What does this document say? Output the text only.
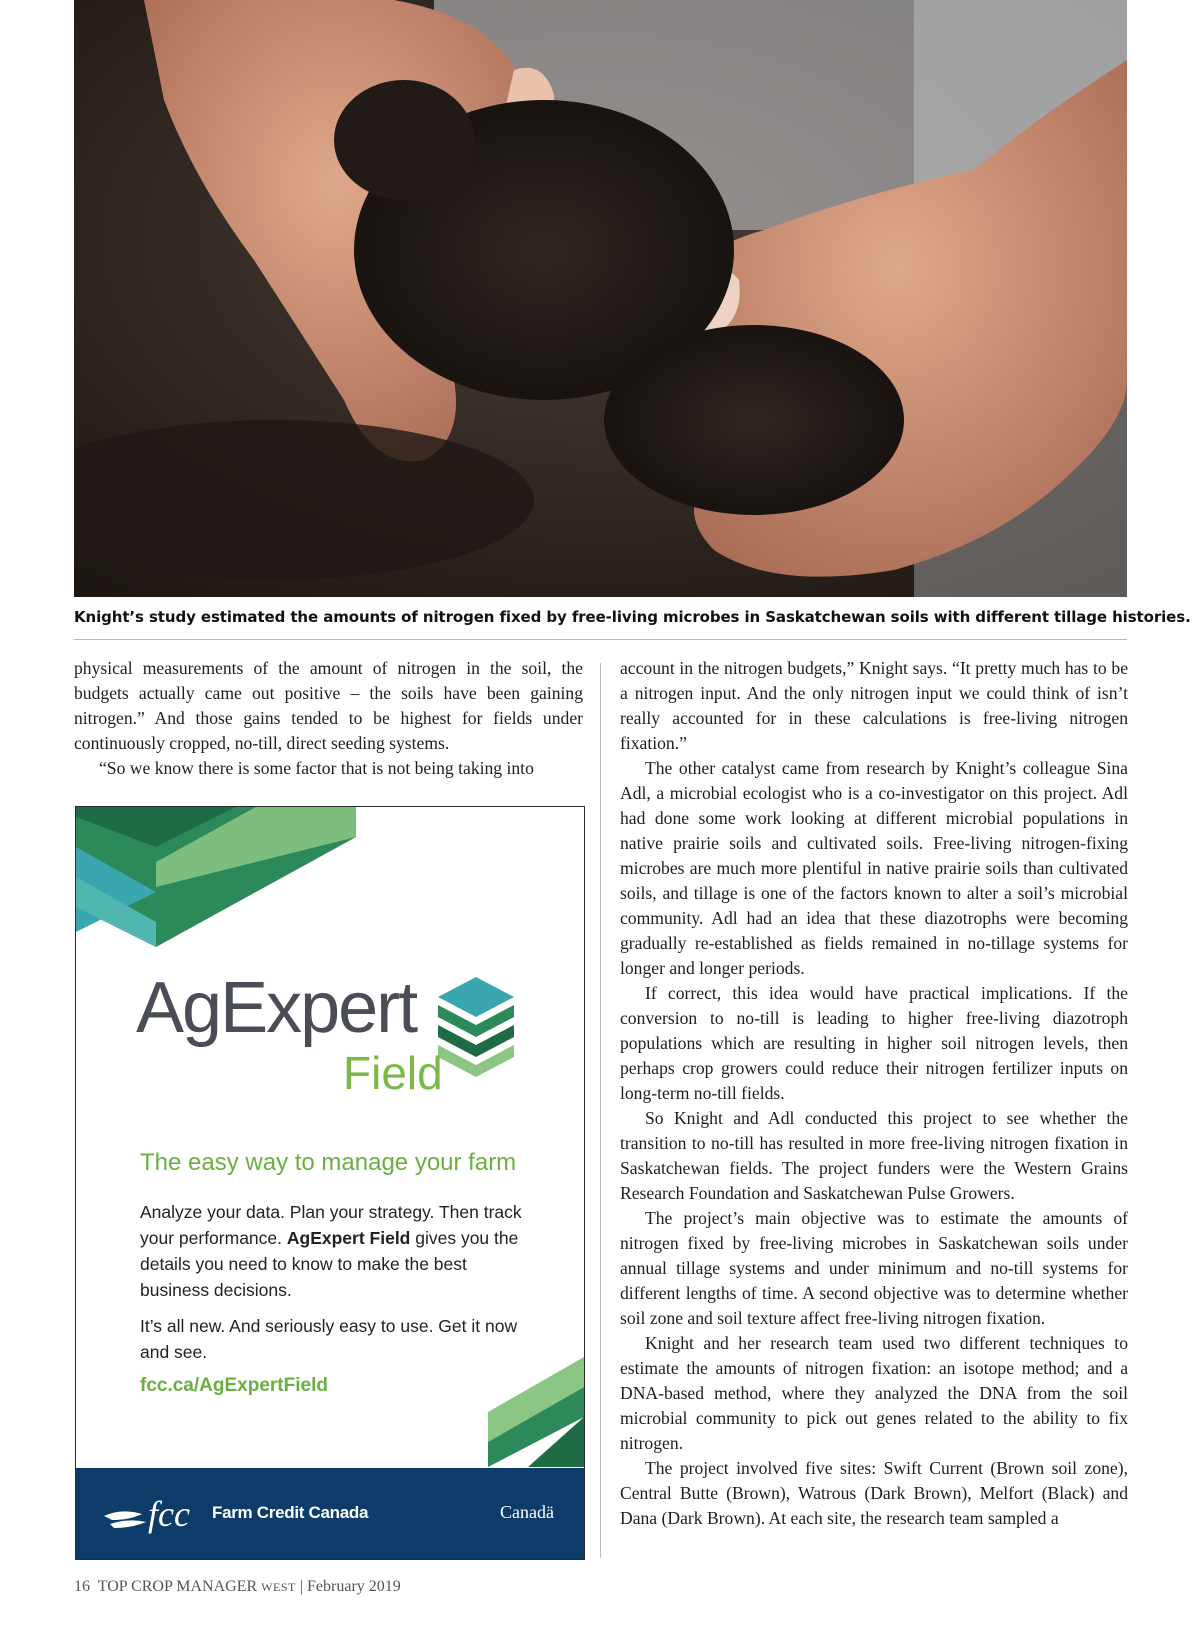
Knight’s study estimated the amounts of nitrogen fixed by free-living microbes in Saskatchewan soils with different tillage histories.

physical measurements of the amount of nitrogen in the soil, the budgets actually came out positive – the soils have been gaining nitrogen.” And those gains tended to be highest for fields under continuously cropped, no-till, direct seeding systems.

“So we know there is some factor that is not being taking into

account in the nitrogen budgets,” Knight says. “It pretty much has to be a nitrogen input. And the only nitrogen input we could think of isn’t really accounted for in these calculations is free-living nitrogen fixation.”

The other catalyst came from research by Knight’s colleague Sina Adl, a microbial ecologist who is a co-investigator on this project. Adl had done some work looking at different microbial populations in native prairie soils and cultivated soils. Free-living nitrogen-fixing microbes are much more plentiful in native prairie soils than cultivated soils, and tillage is one of the factors known to alter a soil’s microbial community. Adl had an idea that these diazotrophs were becoming gradually re-established as fields remained in no-tillage systems for longer and longer periods.

If correct, this idea would have practical implications. If the conversion to no-till is leading to higher free-living diazotroph populations which are resulting in higher soil nitrogen levels, then perhaps crop growers could reduce their nitrogen fertilizer inputs on long-term no-till fields.

So Knight and Adl conducted this project to see whether the transition to no-till has resulted in more free-living nitrogen fixation in Saskatchewan fields. The project funders were the Western Grains Research Foundation and Saskatchewan Pulse Growers.

The project’s main objective was to estimate the amounts of nitrogen fixed by free-living microbes in Saskatchewan soils under annual tillage systems and under minimum and no-till systems for different lengths of time. A second objective was to determine whether soil zone and soil texture affect free-living nitrogen fixation.

Knight and her research team used two different techniques to estimate the amounts of nitrogen fixation: an isotope method; and a DNA-based method, where they analyzed the DNA from the soil microbial community to pick out genes related to the ability to fix nitrogen.

The project involved five sites: Swift Current (Brown soil zone), Central Butte (Brown), Watrous (Dark Brown), Melfort (Black) and Dana (Dark Brown). At each site, the research team sampled a

AgExpert
Field
The easy way to manage your farm
Analyze your data. Plan your strategy. Then track your performance. AgExpert Field gives you the details you need to know to make the best business decisions.
It’s all new. And seriously easy to use. Get it now and see.
fcc.ca/AgExpertField
fcc Farm Credit Canada	Canadä
16 TOP CROP MANAGER WEST | February 2019
